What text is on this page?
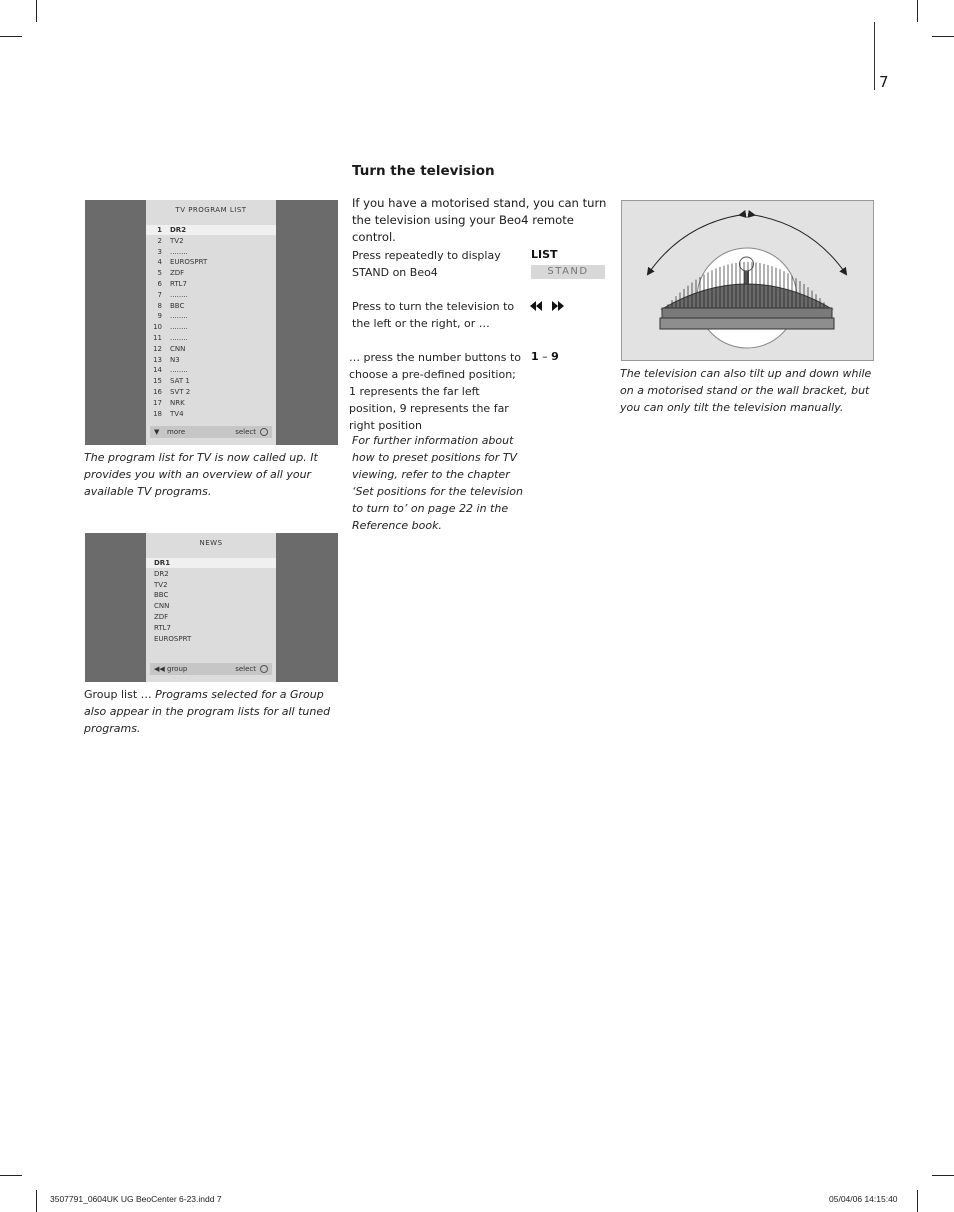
7
TV PROGRAM LIST
1 DR2
2 TV2
3 ........
4 EUROSPRT
5 ZDF
6 RTL7
7 ........
8 BBC
9 ........
10 ........
11 ........
12 CNN
13 N3
14 ........
15 SAT 1
16 SVT 2
17 NRK
18 TV4
▼ more	select
The program list for TV is now called up. It provides you with an overview of all your available TV programs.
NEWS
DR1
DR2
TV2
BBC
CNN
ZDF
RTL7
EUROSPRT
◀◀ group	select
Group list … Programs selected for a Group also appear in the program lists for all tuned programs.
Turn the television
If you have a motorised stand, you can turn the television using your Beo4 remote control.
Press repeatedly to display STAND on Beo4
LIST
STAND
Press to turn the television to the left or the right, or …
… press the number buttons to choose a pre-defined position; 1 represents the far left position, 9 represents the far right position
1 – 9
For further information about how to preset positions for TV viewing, refer to the chapter ‘Set positions for the television to turn to’ on page 22 in the Reference book.
The television can also tilt up and down while on a motorised stand or the wall bracket, but you can only tilt the television manually.
3507791_0604UK UG BeoCenter 6-23.indd 7	05/04/06 14:15:40
